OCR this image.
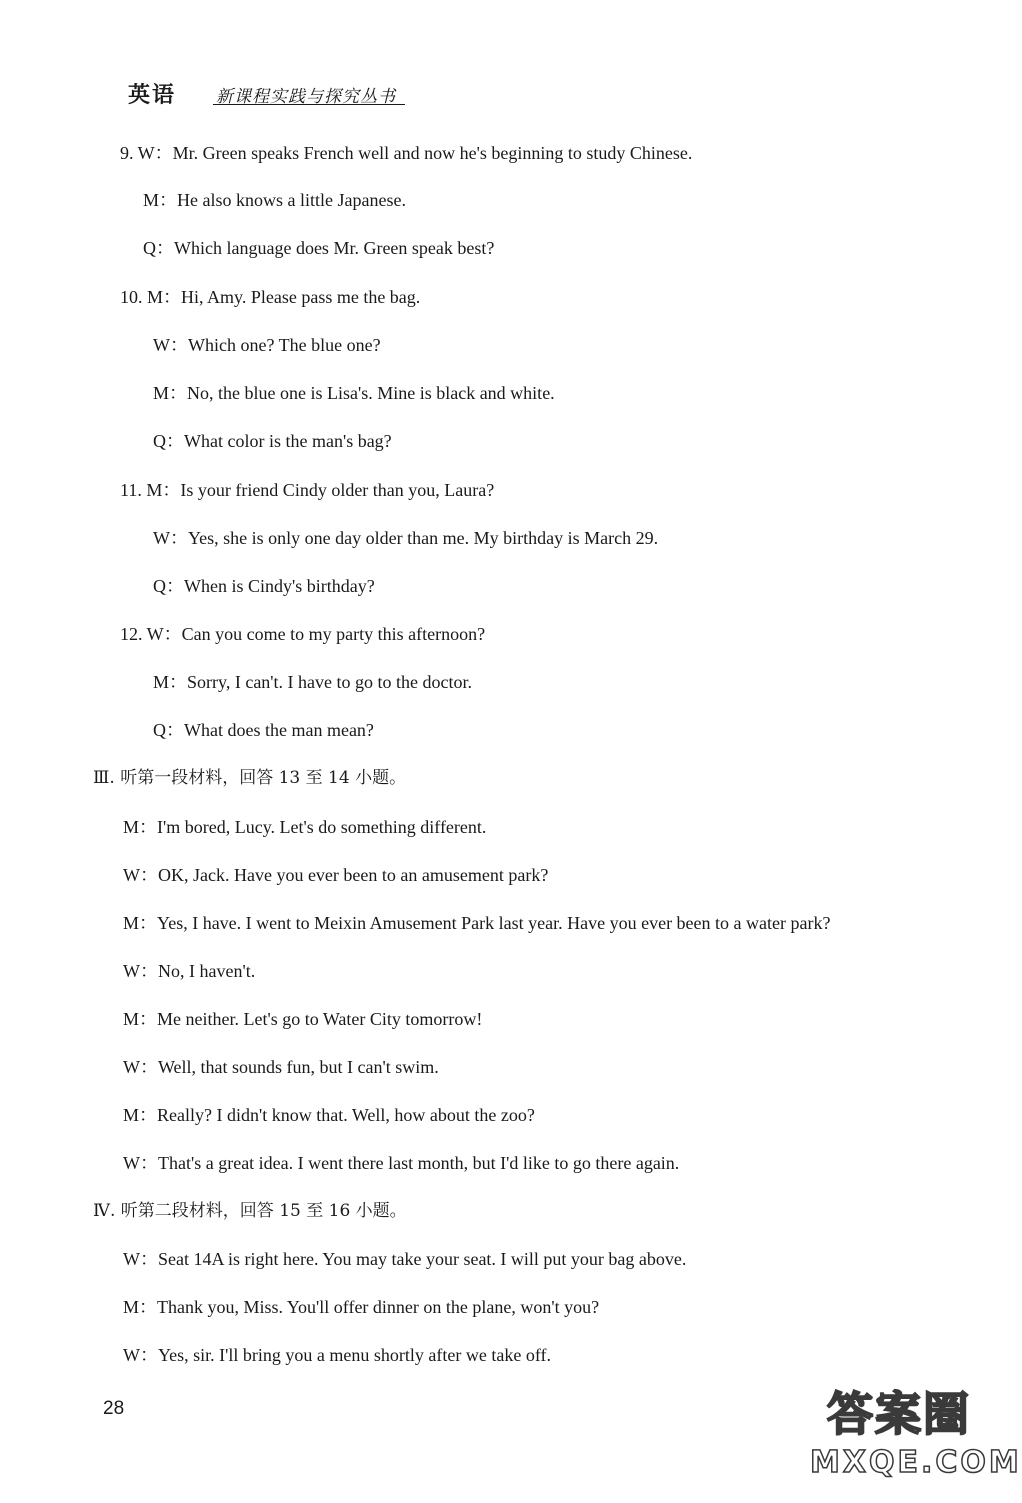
英语 新课程实践与探究丛书
9. W：Mr. Green speaks French well and now he's beginning to study Chinese.
M：He also knows a little Japanese.
Q：Which language does Mr. Green speak best?
10. M：Hi, Amy. Please pass me the bag.
W：Which one? The blue one?
M：No, the blue one is Lisa's. Mine is black and white.
Q：What color is the man's bag?
11. M：Is your friend Cindy older than you, Laura?
W：Yes, she is only one day older than me. My birthday is March 29.
Q：When is Cindy's birthday?
12. W：Can you come to my party this afternoon?
M：Sorry, I can't. I have to go to the doctor.
Q：What does the man mean?
Ⅲ. 听第一段材料，回答 13 至 14 小题。
M：I'm bored, Lucy. Let's do something different.
W：OK, Jack. Have you ever been to an amusement park?
M：Yes, I have. I went to Meixin Amusement Park last year. Have you ever been to a water park?
W：No, I haven't.
M：Me neither. Let's go to Water City tomorrow!
W：Well, that sounds fun, but I can't swim.
M：Really? I didn't know that. Well, how about the zoo?
W：That's a great idea. I went there last month, but I'd like to go there again.
Ⅳ. 听第二段材料，回答 15 至 16 小题。
W：Seat 14A is right here. You may take your seat. I will put your bag above.
M：Thank you, Miss. You'll offer dinner on the plane, won't you?
W：Yes, sir. I'll bring you a menu shortly after we take off.
28	答案圈
MXQE.COM
